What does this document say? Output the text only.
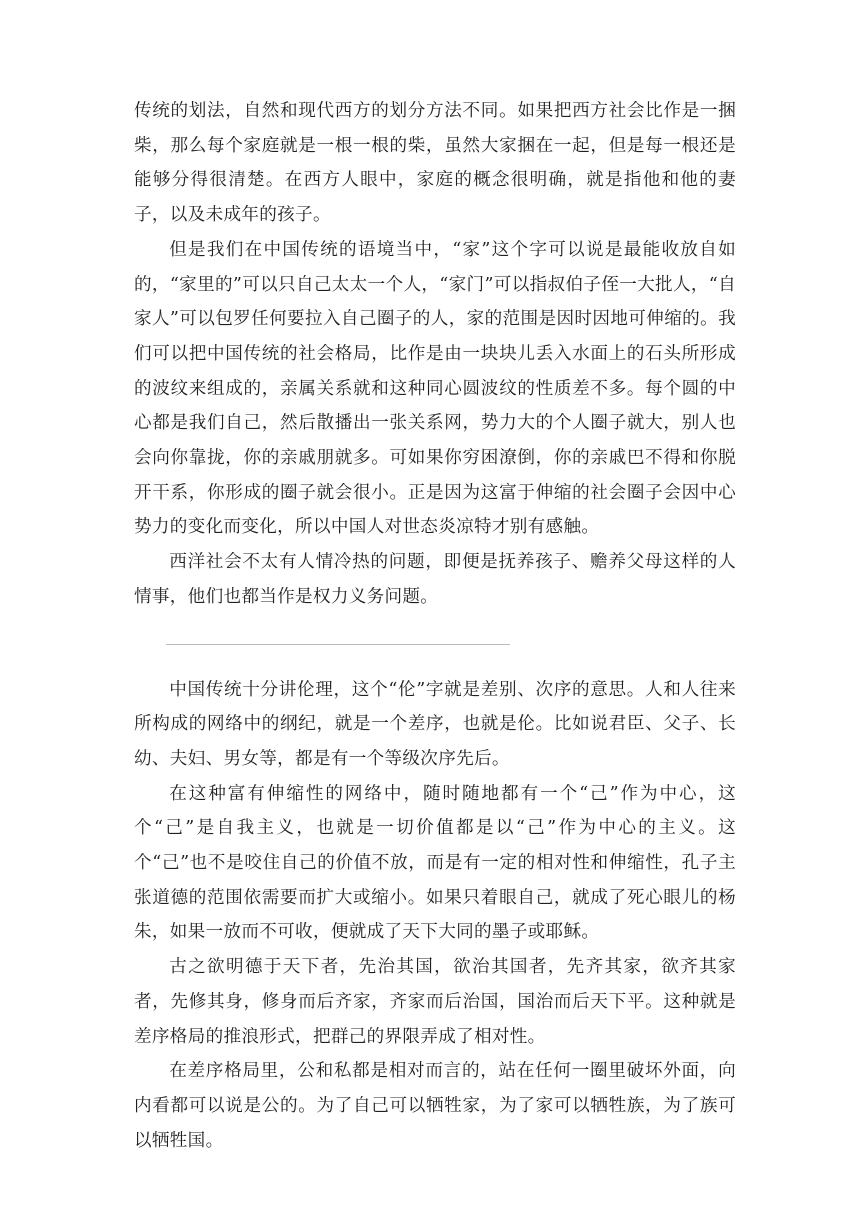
传统的划法，自然和现代西方的划分方法不同。如果把西方社会比作是一捆柴，那么每个家庭就是一根一根的柴，虽然大家捆在一起，但是每一根还是能够分得很清楚。在西方人眼中，家庭的概念很明确，就是指他和他的妻子，以及未成年的孩子。

但是我们在中国传统的语境当中，“家”这个字可以说是最能收放自如的，“家里的”可以只自己太太一个人，“家门”可以指叔伯子侄一大批人，“自家人”可以包罗任何要拉入自己圈子的人，家的范围是因时因地可伸缩的。我们可以把中国传统的社会格局，比作是由一块块儿丢入水面上的石头所形成的波纹来组成的，亲属关系就和这种同心圆波纹的性质差不多。每个圆的中心都是我们自己，然后散播出一张关系网，势力大的个人圈子就大，别人也会向你靠拢，你的亲戚朋就多。可如果你穷困潦倒，你的亲戚巴不得和你脱开干系，你形成的圈子就会很小。正是因为这富于伸缩的社会圈子会因中心势力的变化而变化，所以中国人对世态炎凉特才别有感触。

西洋社会不太有人情冷热的问题，即便是抚养孩子、赡养父母这样的人情事，他们也都当作是权力义务问题。

中国传统十分讲伦理，这个“伦”字就是差别、次序的意思。人和人往来所构成的网络中的纲纪，就是一个差序，也就是伦。比如说君臣、父子、长幼、夫妇、男女等，都是有一个等级次序先后。

在这种富有伸缩性的网络中，随时随地都有一个“己”作为中心，这个“己”是自我主义，也就是一切价值都是以“己”作为中心的主义。这个“己”也不是咬住自己的价值不放，而是有一定的相对性和伸缩性，孔子主张道德的范围依需要而扩大或缩小。如果只着眼自己，就成了死心眼儿的杨朱，如果一放而不可收，便就成了天下大同的墨子或耶稣。

古之欲明德于天下者，先治其国，欲治其国者，先齐其家，欲齐其家者，先修其身，修身而后齐家，齐家而后治国，国治而后天下平。这种就是差序格局的推浪形式，把群己的界限弄成了相对性。

在差序格局里，公和私都是相对而言的，站在任何一圈里破坏外面，向内看都可以说是公的。为了自己可以牺牲家，为了家可以牺牲族，为了族可以牺牲国。
